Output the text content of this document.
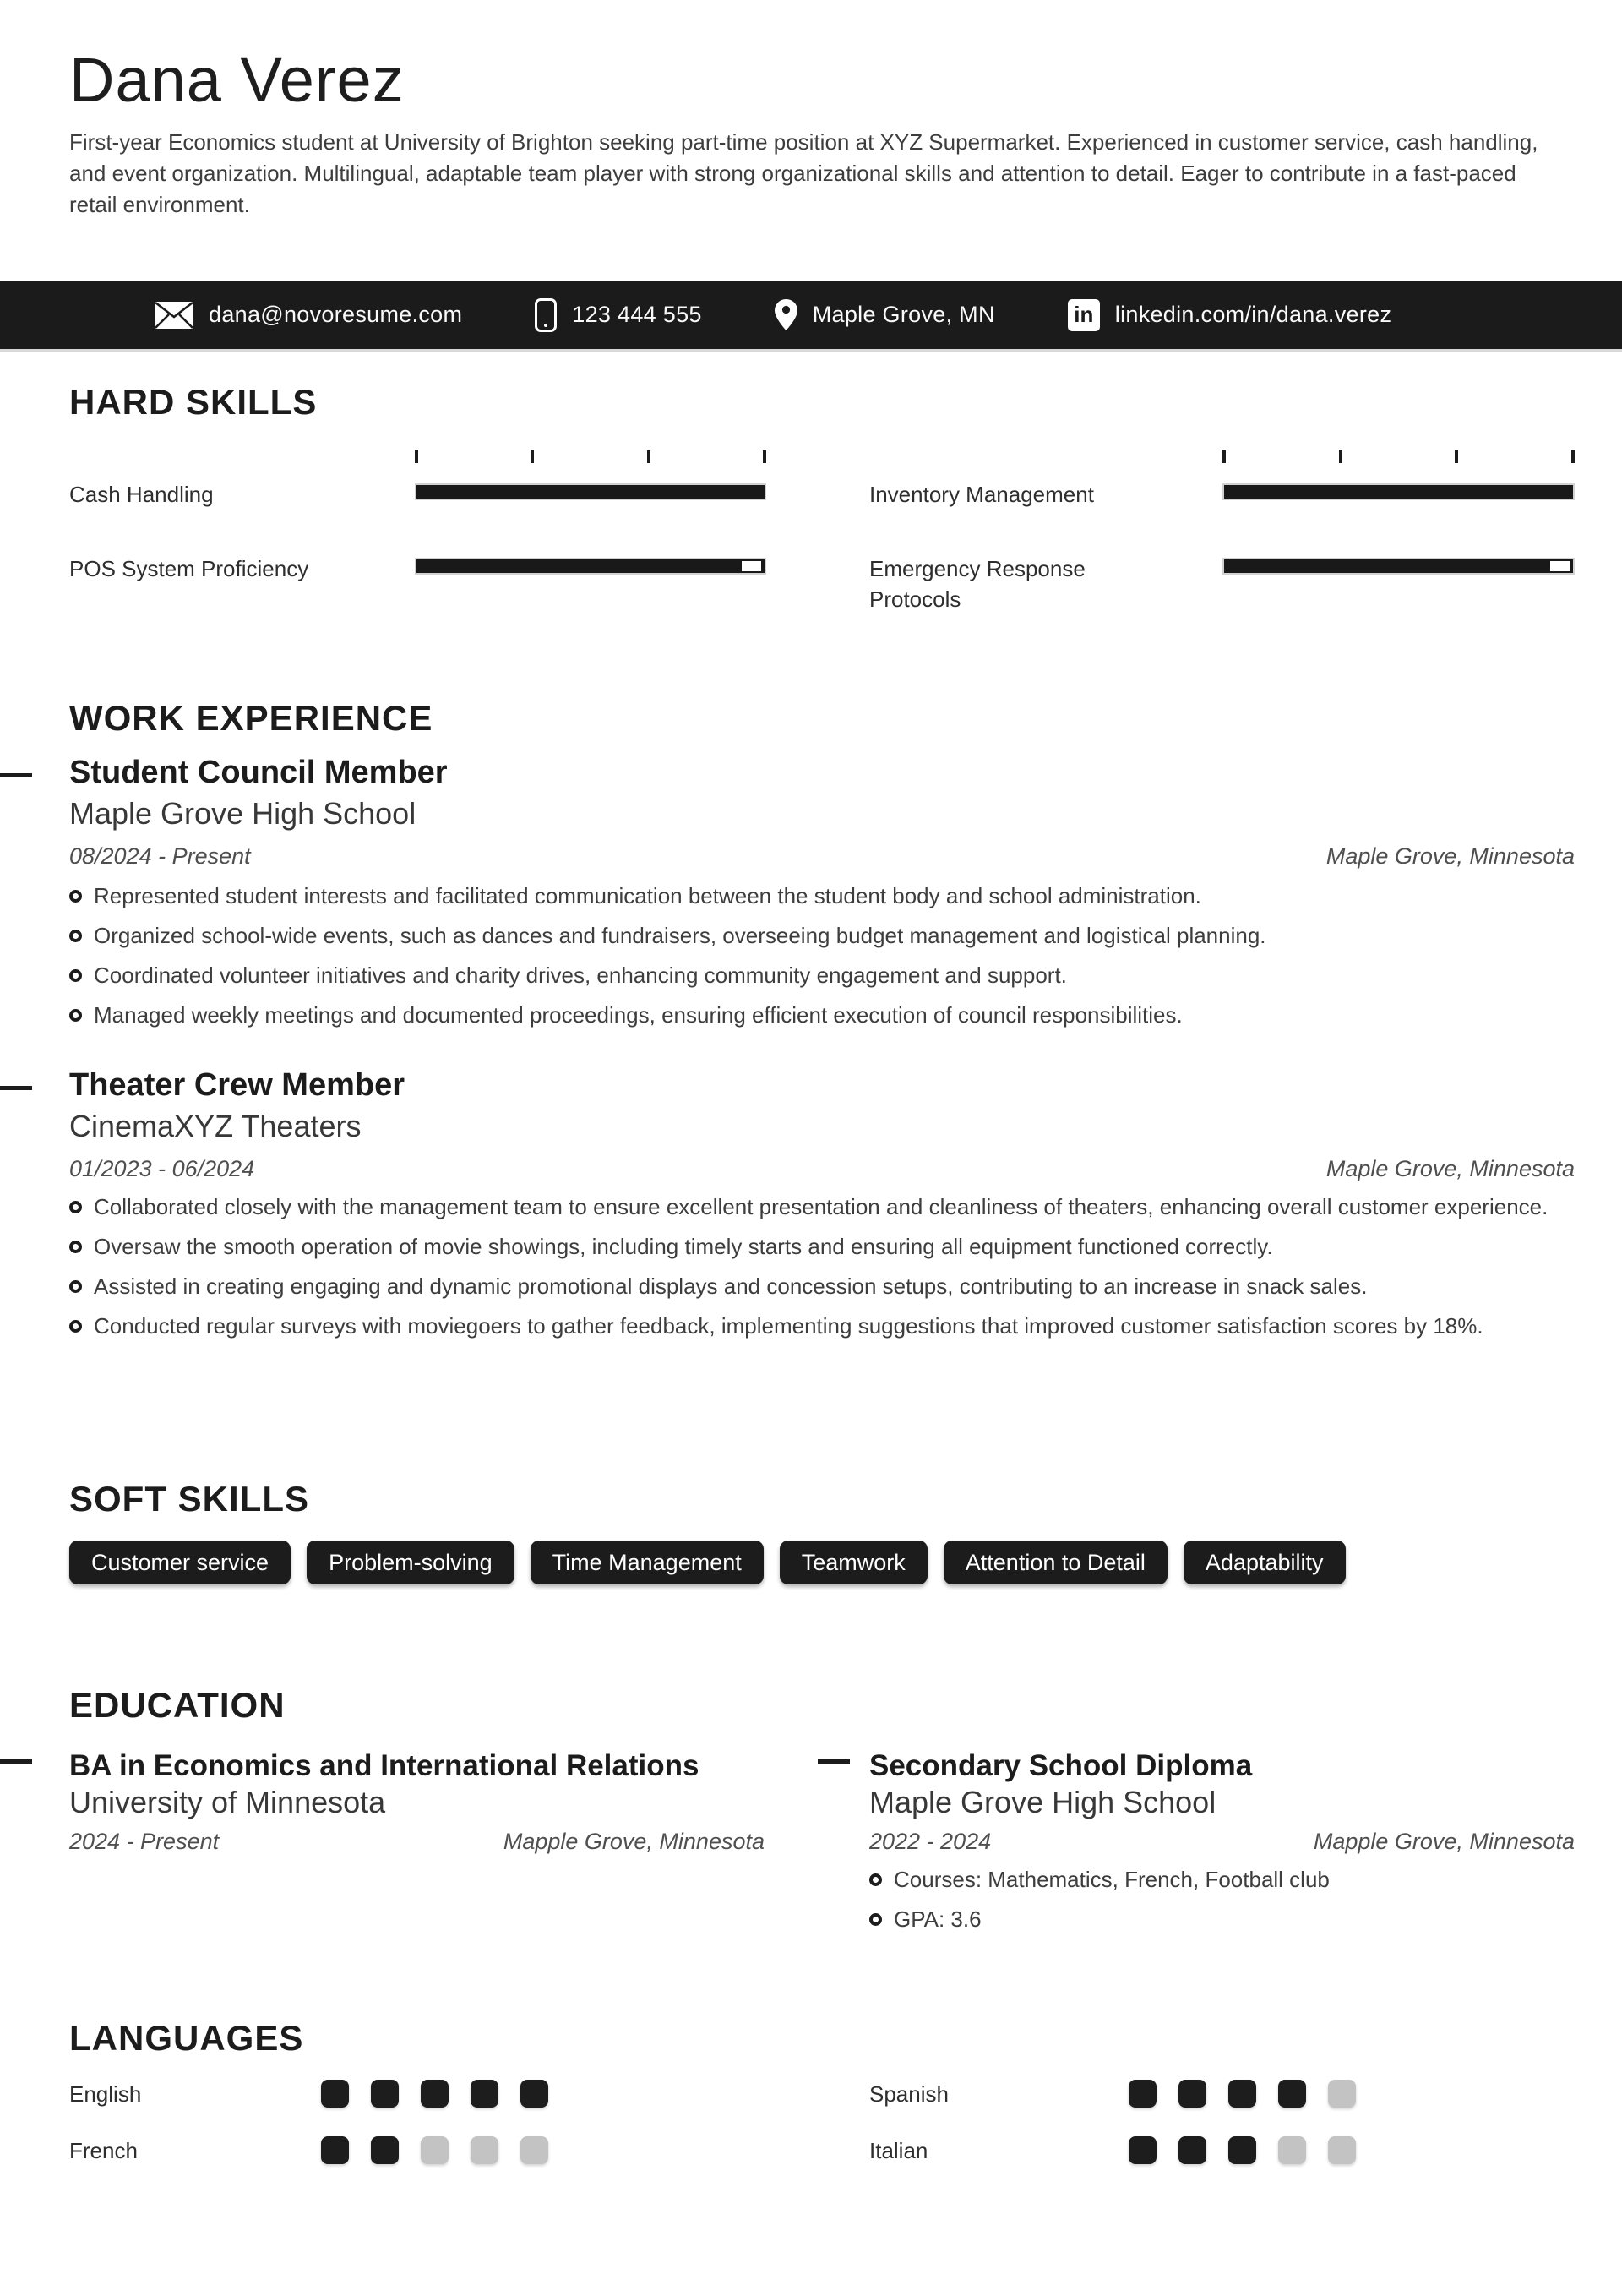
Dana Verez
First-year Economics student at University of Brighton seeking part-time position at XYZ Supermarket. Experienced in customer service, cash handling, and event organization. Multilingual, adaptable team player with strong organizational skills and attention to detail. Eager to contribute in a fast-paced retail environment.
dana@novoresume.com	123 444 555	Maple Grove, MN	in linkedin.com/in/dana.verez
HARD SKILLS
Cash Handling
POS System Proficiency
Inventory Management
Emergency Response Protocols
WORK EXPERIENCE
Student Council Member
Maple Grove High School
08/2024 - Present	Maple Grove, Minnesota
Represented student interests and facilitated communication between the student body and school administration.
Organized school-wide events, such as dances and fundraisers, overseeing budget management and logistical planning.
Coordinated volunteer initiatives and charity drives, enhancing community engagement and support.
Managed weekly meetings and documented proceedings, ensuring efficient execution of council responsibilities.
Theater Crew Member
CinemaXYZ Theaters
01/2023 - 06/2024	Maple Grove, Minnesota
Collaborated closely with the management team to ensure excellent presentation and cleanliness of theaters, enhancing overall customer experience.
Oversaw the smooth operation of movie showings, including timely starts and ensuring all equipment functioned correctly.
Assisted in creating engaging and dynamic promotional displays and concession setups, contributing to an increase in snack sales.
Conducted regular surveys with moviegoers to gather feedback, implementing suggestions that improved customer satisfaction scores by 18%.
SOFT SKILLS
Customer service	Problem-solving	Time Management	Teamwork	Attention to Detail	Adaptability
EDUCATION
BA in Economics and International Relations
University of Minnesota
2024 - Present	Mapple Grove, Minnesota
Secondary School Diploma
Maple Grove High School
2022 - 2024	Mapple Grove, Minnesota
Courses: Mathematics, French, Football club
GPA: 3.6
LANGUAGES
English
French
Spanish
Italian
